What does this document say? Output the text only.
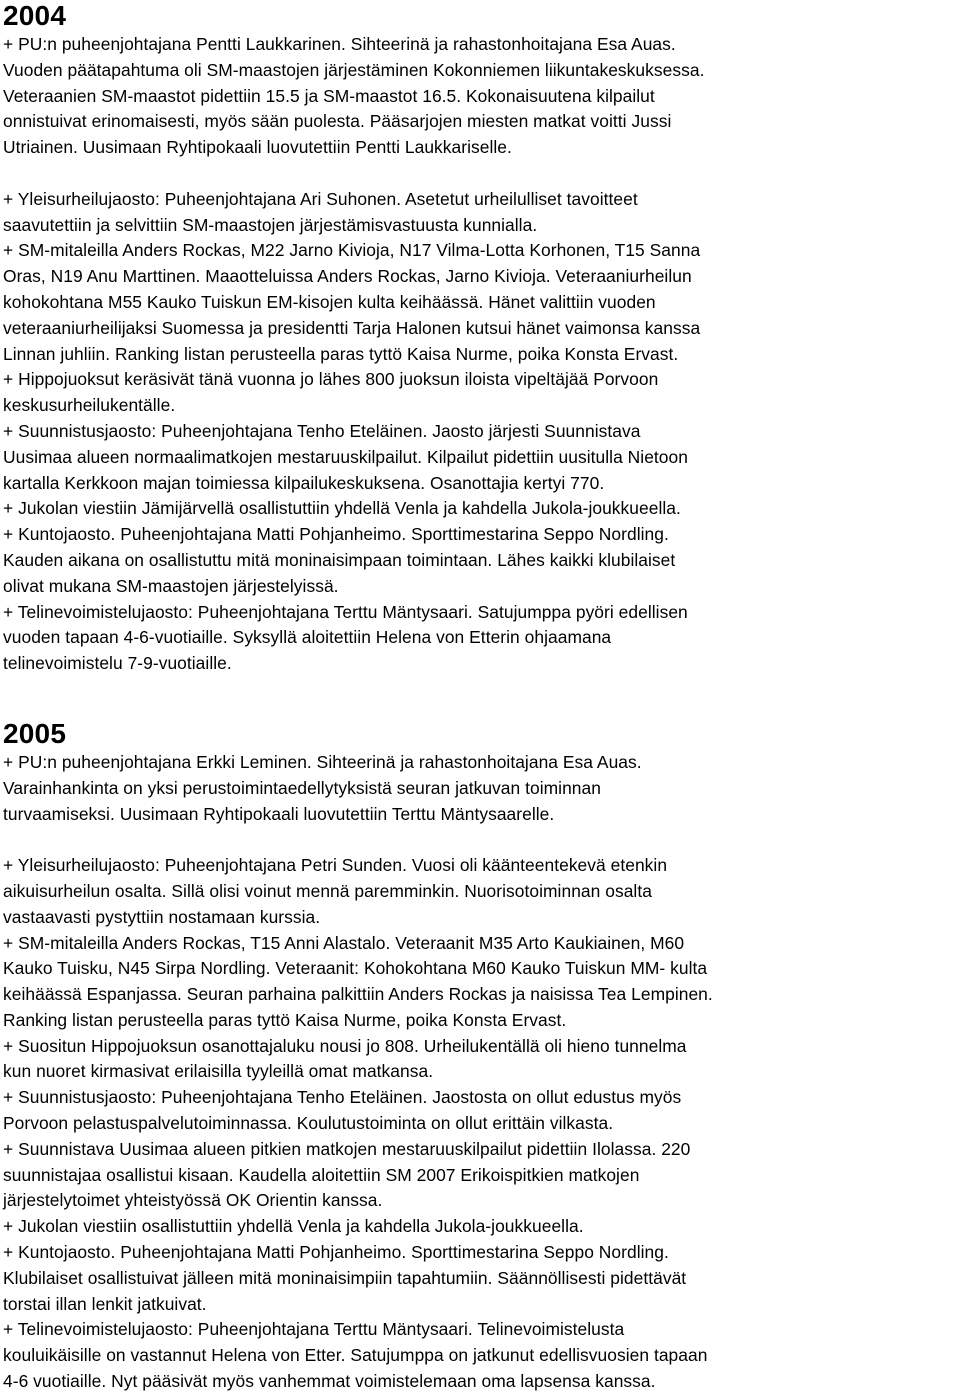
2004
+ PU:n puheenjohtajana Pentti Laukkarinen. Sihteerinä ja rahastonhoitajana Esa Auas.
Vuoden päätapahtuma oli SM-maastojen järjestäminen Kokonniemen liikuntakeskuksessa.
Veteraanien SM-maastot pidettiin 15.5 ja SM-maastot 16.5. Kokonaisuutena kilpailut
onnistuivat erinomaisesti, myös sään puolesta. Pääsarjojen miesten matkat voitti Jussi
Utriainen. Uusimaan Ryhtipokaali luovutettiin Pentti Laukkariselle.
+ Yleisurheilujaosto: Puheenjohtajana Ari Suhonen. Asetetut urheilulliset tavoitteet
saavutettiin ja selvittiin SM-maastojen järjestämisvastuusta kunnialla.
+ SM-mitaleilla Anders Rockas, M22 Jarno Kivioja, N17 Vilma-Lotta Korhonen, T15 Sanna
Oras, N19 Anu Marttinen. Maaotteluissa Anders Rockas, Jarno Kivioja. Veteraaniurheilun
kohokohtana M55 Kauko Tuiskun EM-kisojen kulta keihäässä. Hänet valittiin vuoden
veteraaniurheilijaksi Suomessa ja presidentti Tarja Halonen kutsui hänet vaimonsa kanssa
Linnan juhliin. Ranking listan perusteella paras tyttö Kaisa Nurme, poika Konsta Ervast.
+ Hippojuoksut keräsivät tänä vuonna jo lähes 800 juoksun iloista vipeltäjää Porvoon
keskusurheilukentälle.
+ Suunnistusjaosto: Puheenjohtajana Tenho Eteläinen. Jaosto järjesti Suunnistava
Uusimaa alueen normaalimatkojen mestaruuskilpailut. Kilpailut pidettiin uusitulla Nietoon
kartalla Kerkkoon majan toimiessa kilpailukeskuksena. Osanottajia kertyi 770.
+ Jukolan viestiin Jämijärvellä osallistuttiin yhdellä Venla ja kahdella Jukola-joukkueella.
+ Kuntojaosto. Puheenjohtajana Matti Pohjanheimo. Sporttimestarina Seppo Nordling.
Kauden aikana on osallistuttu mitä moninaisimpaan toimintaan. Lähes kaikki klubilaiset
olivat mukana SM-maastojen järjestelyissä.
+ Telinevoimistelujaosto: Puheenjohtajana Terttu Mäntysaari. Satujumppa pyöri edellisen
vuoden tapaan 4-6-vuotiaille. Syksyllä aloitettiin Helena von Etterin ohjaamana
telinevoimistelu 7-9-vuotiaille.
2005
+ PU:n puheenjohtajana Erkki Leminen. Sihteerinä ja rahastonhoitajana Esa Auas.
Varainhankinta on yksi perustoimintaedellytyksistä seuran jatkuvan toiminnan
turvaamiseksi. Uusimaan Ryhtipokaali luovutettiin Terttu Mäntysaarelle.
+ Yleisurheilujaosto: Puheenjohtajana Petri Sunden. Vuosi oli käänteentekevä etenkin
aikuisurheilun osalta. Sillä olisi voinut mennä paremminkin. Nuorisotoiminnan osalta
vastaavasti pystyttiin nostamaan kurssia.
+ SM-mitaleilla Anders Rockas, T15 Anni Alastalo. Veteraanit M35 Arto Kaukiainen, M60
Kauko Tuisku, N45 Sirpa Nordling. Veteraanit: Kohokohtana M60 Kauko Tuiskun MM- kulta
keihäässä Espanjassa. Seuran parhaina palkittiin Anders Rockas ja naisissa Tea Lempinen.
Ranking listan perusteella paras tyttö Kaisa Nurme, poika Konsta Ervast.
+ Suositun Hippojuoksun osanottajaluku nousi jo 808. Urheilukentällä oli hieno tunnelma
kun nuoret kirmasivat erilaisilla tyyleillä omat matkansa.
+ Suunnistusjaosto: Puheenjohtajana Tenho Eteläinen. Jaostosta on ollut edustus myös
Porvoon pelastuspalvelutoiminnassa. Koulutustoiminta on ollut erittäin vilkasta.
+ Suunnistava Uusimaa alueen pitkien matkojen mestaruuskilpailut pidettiin Ilolassa. 220
suunnistajaa osallistui kisaan. Kaudella aloitettiin SM 2007 Erikoispitkien matkojen
järjestelytoimet yhteistyössä OK Orientin kanssa.
+ Jukolan viestiin osallistuttiin yhdellä Venla ja kahdella Jukola-joukkueella.
+ Kuntojaosto. Puheenjohtajana Matti Pohjanheimo. Sporttimestarina Seppo Nordling.
Klubilaiset osallistuivat jälleen mitä moninaisimpiin tapahtumiin. Säännöllisesti pidettävät
torstai illan lenkit jatkuivat.
+ Telinevoimistelujaosto: Puheenjohtajana Terttu Mäntysaari. Telinevoimistelusta
kouluikäisille on vastannut Helena von Etter. Satujumppa on jatkunut edellisvuosien tapaan
4-6 vuotiaille. Nyt pääsivät myös vanhemmat voimistelemaan oma lapsensa kanssa.
